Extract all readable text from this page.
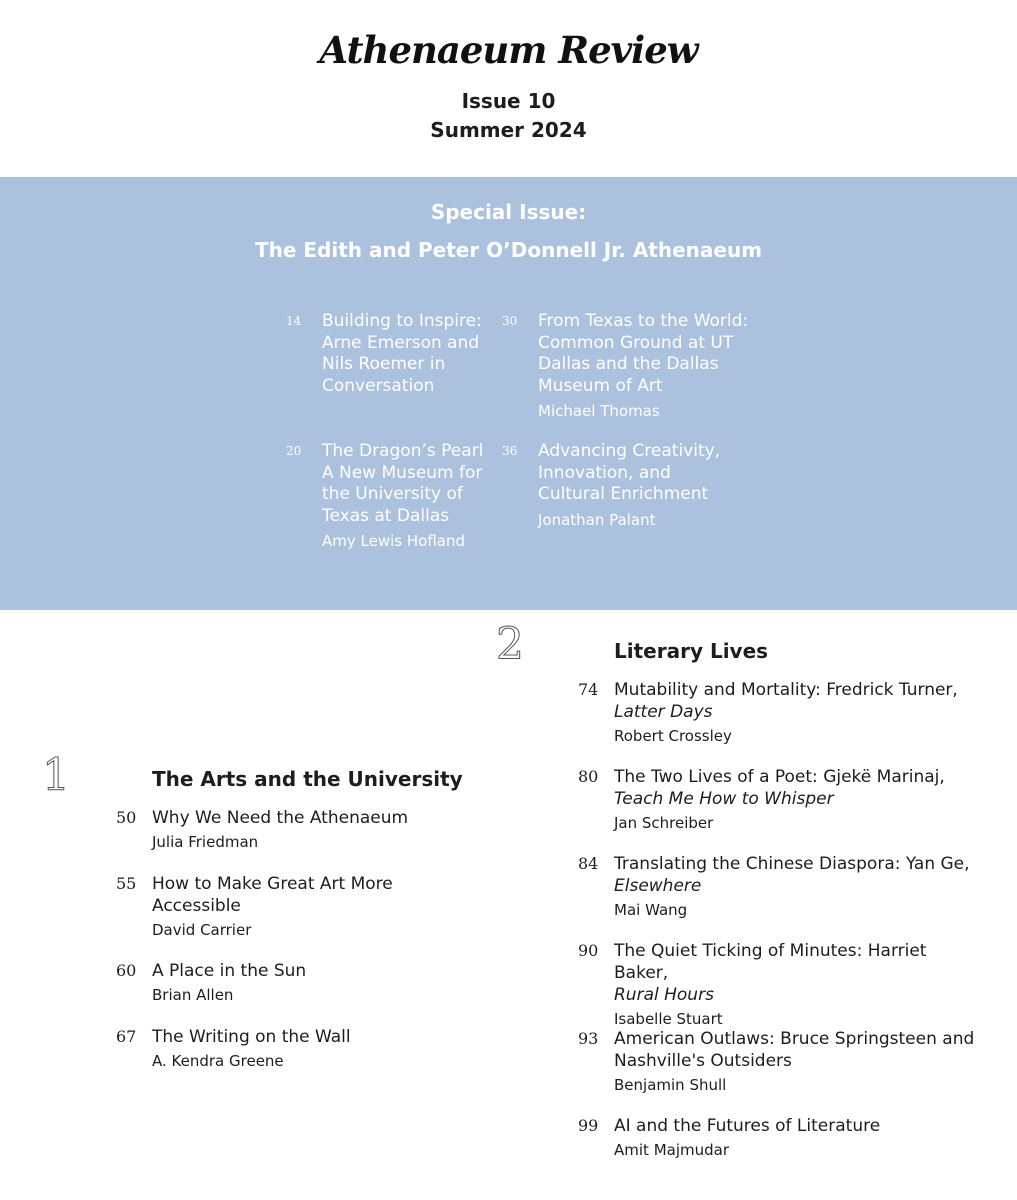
Athenaeum Review
Issue 10
Summer 2024
Special Issue:
The Edith and Peter O’Donnell Jr. Athenaeum
14 Building to Inspire: Arne Emerson and Nils Roemer in Conversation
30 From Texas to the World: Common Ground at UT Dallas and the Dallas Museum of Art
Michael Thomas
20 The Dragon’s Pearl
A New Museum for the University of Texas at Dallas
Amy Lewis Hofland
36 Advancing Creativity, Innovation, and Cultural Enrichment
Jonathan Palant
1	The Arts and the University
50 Why We Need the Athenaeum
Julia Friedman
55 How to Make Great Art More Accessible
David Carrier
60 A Place in the Sun
Brian Allen
67 The Writing on the Wall
A. Kendra Greene
2	Literary Lives
74 Mutability and Mortality: Fredrick Turner,
Latter Days
Robert Crossley
80 The Two Lives of a Poet: Gjekë Marinaj,
Teach Me How to Whisper
Jan Schreiber
84 Translating the Chinese Diaspora: Yan Ge,
Elsewhere
Mai Wang
90 The Quiet Ticking of Minutes: Harriet Baker,
Rural Hours
Isabelle Stuart
93 American Outlaws: Bruce Springsteen and Nashville's Outsiders
Benjamin Shull
99 AI and the Futures of Literature
Amit Majmudar
